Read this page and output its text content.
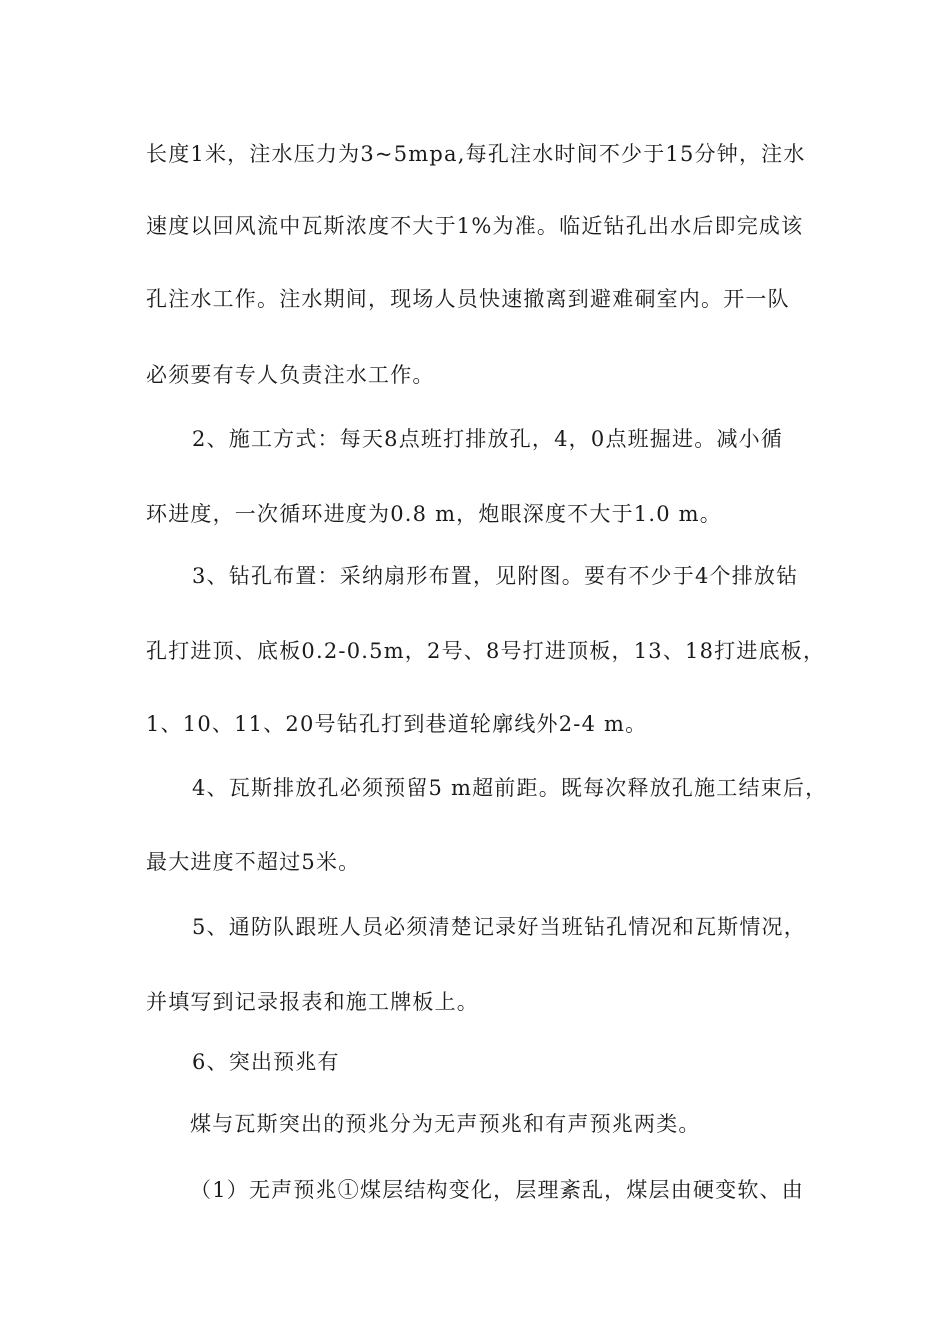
长度1米，注水压力为3~5mpa,每孔注水时间不少于15分钟，注水
速度以回风流中瓦斯浓度不大于1%为准。临近钻孔出水后即完成该
孔注水工作。注水期间，现场人员快速撤离到避难硐室内。开一队
必须要有专人负责注水工作。
2、施工方式：每天8点班打排放孔，4，0点班掘进。减小循
环进度，一次循环进度为0.8 m，炮眼深度不大于1.0 m。
3、钻孔布置：采纳扇形布置，见附图。要有不少于4个排放钻
孔打进顶、底板0.2-0.5m，2号、8号打进顶板，13、18打进底板，
1、10、11、20号钻孔打到巷道轮廓线外2-4 m。
4、瓦斯排放孔必须预留5 m超前距。既每次释放孔施工结束后，
最大进度不超过5米。
5、通防队跟班人员必须清楚记录好当班钻孔情况和瓦斯情况，
并填写到记录报表和施工牌板上。
6、突出预兆有
煤与瓦斯突出的预兆分为无声预兆和有声预兆两类。
（1）无声预兆①煤层结构变化，层理紊乱，煤层由硬变软、由
